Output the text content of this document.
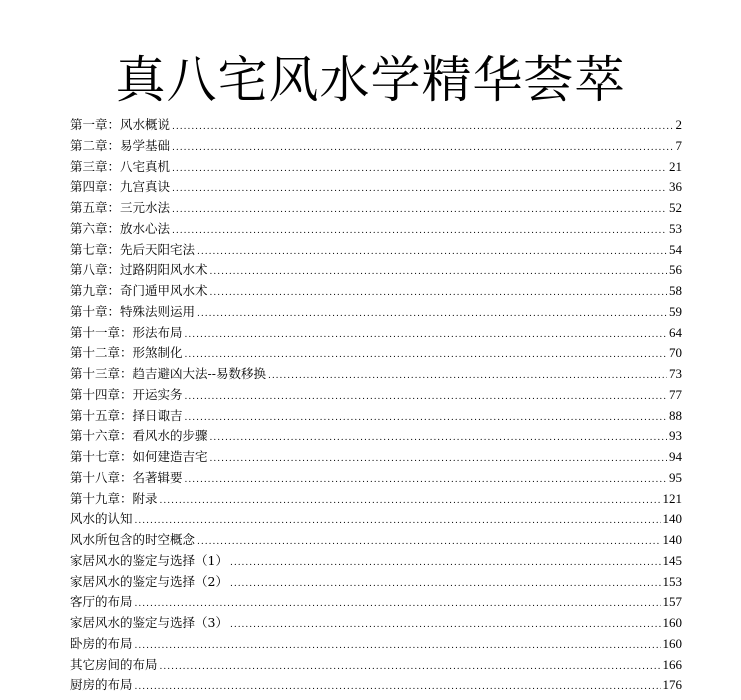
真八宅风水学精华荟萃
第一章：风水概说 .....	2
第二章：易学基础 .....	7
第三章：八宅真机 .....	21
第四章：九宫真诀 .....	36
第五章：三元水法 .....	52
第六章：放水心法 .....	53
第七章：先后天阳宅法 .....	54
第八章：过路阴阳风水术 .....	56
第九章：奇门遁甲风水术 .....	58
第十章：特殊法则运用 .....	59
第十一章：形法布局 .....	64
第十二章：形煞制化 .....	70
第十三章：趋吉避凶大法--易数移换 .....	73
第十四章：开运实务 .....	77
第十五章：择日诹吉 .....	88
第十六章：看风水的步骤 .....	93
第十七章：如何建造吉宅 .....	94
第十八章：名著辑要 .....	95
第十九章：附录 .....	121
风水的认知 .....	140
风水所包含的时空概念 .....	140
家居风水的鉴定与选择（1） .....	145
家居风水的鉴定与选择（2） .....	153
客厅的布局 .....	157
家居风水的鉴定与选择（3） .....	160
卧房的布局 .....	160
其它房间的布局 .....	166
厨房的布局 .....	176
